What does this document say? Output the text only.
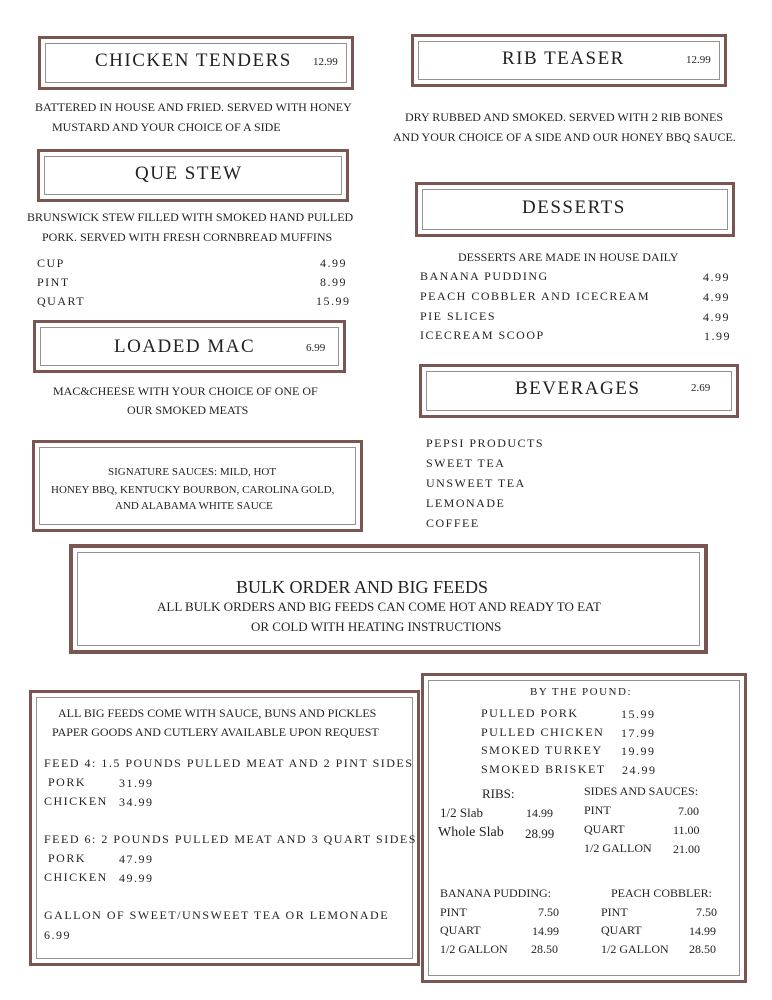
CHICKEN TENDERS 12.99
BATTERED IN HOUSE AND FRIED. SERVED WITH HONEY
MUSTARD AND YOUR CHOICE OF A SIDE
RIB TEASER	12.99
DRY RUBBED AND SMOKED. SERVED WITH 2 RIB BONES
AND YOUR CHOICE OF A SIDE AND OUR HONEY BBQ SAUCE.
QUE STEW
BRUNSWICK STEW FILLED WITH SMOKED HAND PULLED
PORK. SERVED WITH FRESH CORNBREAD MUFFINS
CUP	4.99
PINT	8.99
QUART	15.99
DESSERTS
DESSERTS ARE MADE IN HOUSE DAILY
BANANA PUDDING	4.99
PEACH COBBLER AND ICECREAM	4.99
PIE SLICES	4.99
ICECREAM SCOOP	1.99
LOADED MAC	6.99
MAC&CHEESE WITH YOUR CHOICE OF ONE OF
OUR SMOKED MEATS
BEVERAGES	2.69
PEPSI PRODUCTS
SWEET TEA
UNSWEET TEA
LEMONADE
COFFEE
SIGNATURE SAUCES: MILD, HOT
HONEY BBQ, KENTUCKY BOURBON, CAROLINA GOLD,
AND ALABAMA WHITE SAUCE
BULK ORDER AND BIG FEEDS
ALL BULK ORDERS AND BIG FEEDS CAN COME HOT AND READY TO EAT
OR COLD WITH HEATING INSTRUCTIONS
ALL BIG FEEDS COME WITH SAUCE, BUNS AND PICKLES
PAPER GOODS AND CUTLERY AVAILABLE UPON REQUEST
FEED 4: 1.5 POUNDS PULLED MEAT AND 2 PINT SIDES
PORK	31.99
CHICKEN 34.99
FEED 6: 2 POUNDS PULLED MEAT AND 3 QUART SIDES
PORK	47.99
CHICKEN 49.99
GALLON OF SWEET/UNSWEET TEA OR LEMONADE
6.99
BY THE POUND:
PULLED PORK	15.99
PULLED CHICKEN 17.99
SMOKED TURKEY 19.99
SMOKED BRISKET 24.99
RIBS:
1/2 Slab	14.99
Whole Slab 28.99
SIDES AND SAUCES:
PINT	7.00
QUART	11.00
1/2 GALLON 21.00
BANANA PUDDING:
PINT	7.50
QUART	14.99
1/2 GALLON 28.50
PEACH COBBLER:
PINT	7.50
QUART	14.99
1/2 GALLON 28.50
